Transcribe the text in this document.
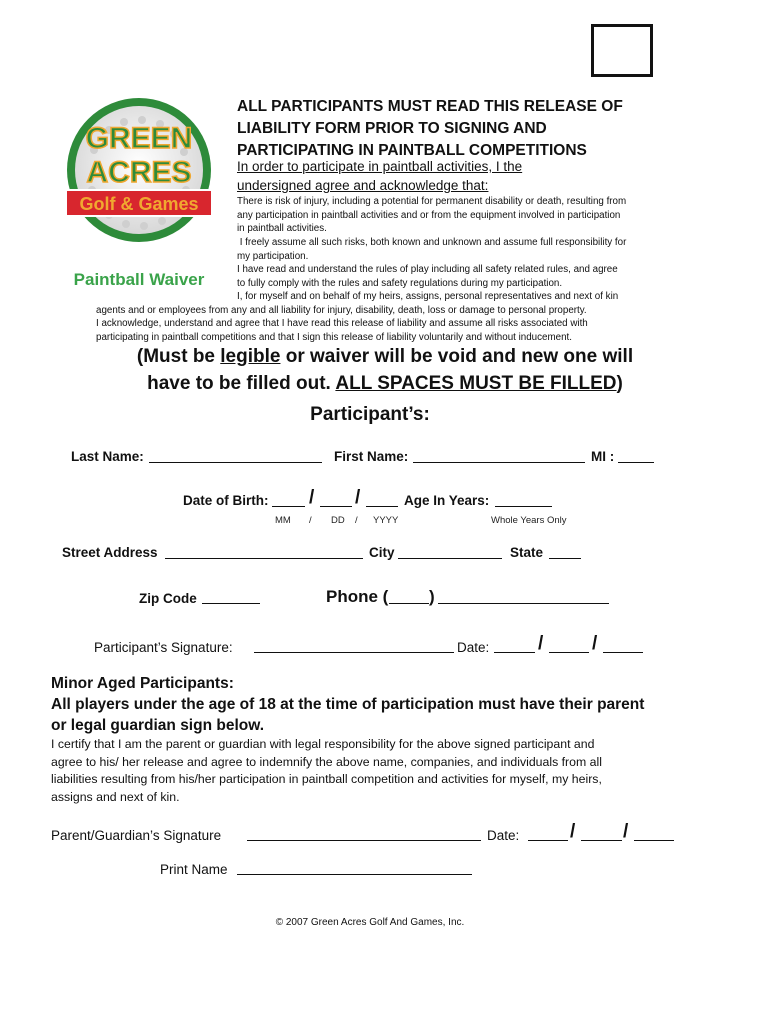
GREEN
ACRES
Golf & Games
Paintball Waiver
ALL PARTICIPANTS MUST READ THIS RELEASE OF
LIABILITY FORM PRIOR TO SIGNING AND
PARTICIPATING IN PAINTBALL COMPETITIONS
In order to participate in paintball activities, I the
undersigned agree and acknowledge that:
There is risk of injury, including a potential for permanent disability or death, resulting from
any participation in paintball activities and or from the equipment involved in participation
in paintball activities.
I freely assume all such risks, both known and unknown and assume full responsibility for
my participation.
I have read and understand the rules of play including all safety related rules, and agree
to fully comply with the rules and safety regulations during my participation.
I, for myself and on behalf of my heirs, assigns, personal representatives and next of kin
agents and or employees from any and all liability for injury, disability, death, loss or damage to personal property.
I acknowledge, understand and agree that I have read this release of liability and assume all risks associated with
participating in paintball competitions and that I sign this release of liability voluntarily and without inducement.
(Must be legible or waiver will be void and new one will
have to be filled out. ALL SPACES MUST BE FILLED)
Participant’s:
Last Name:	First Name:	MI :
Date of Birth: / /	Age In Years:
MM / DD / YYYY	Whole Years Only
Street Address	City	State
Zip Code	Phone ( )
Participant’s Signature:	Date:	/	/
Minor Aged Participants:
All players under the age of 18 at the time of participation must have their parent
or legal guardian sign below.
I certify that I am the parent or guardian with legal responsibility for the above signed participant and
agree to his/ her release and agree to indemnify the above name, companies, and individuals from all
liabilities resulting from his/her participation in paintball competition and activities for myself, my heirs,
assigns and next of kin.
Parent/Guardian’s Signature	Date:	/	/
Print Name
© 2007 Green Acres Golf And Games, Inc.
